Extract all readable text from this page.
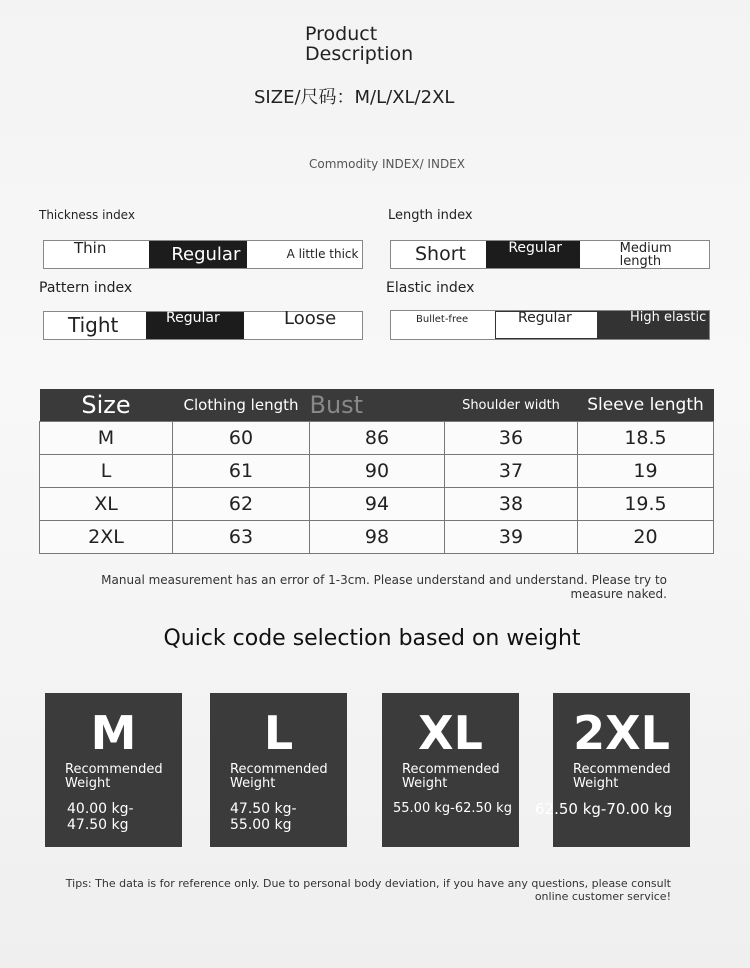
Product
Description
SIZE/尺码：M/L/XL/2XL
Commodity INDEX/ INDEX
Thickness index
Thin	Regular	A little thick
Length index
Short	Regular	Medium length
Pattern index
Tight	Regular	Loose
Elastic index
Bullet-free	Regular	High elastic
Size	Clothing length	Bust	Shoulder width	Sleeve length
M	60	86	36	18.5
L	61	90	37	19
XL	62	94	38	19.5
2XL	63	98	39	20
Manual measurement has an error of 1-3cm. Please understand and understand. Please try to measure naked.
Quick code selection based on weight
M
Recommended Weight
40.00 kg-47.50 kg
L
Recommended Weight
47.50 kg-55.00 kg
XL
Recommended Weight
55.00 kg-62.50 kg
2XL
Recommended Weight
62.50 kg-70.00 kg
Tips: The data is for reference only. Due to personal body deviation, if you have any questions, please consult online customer service!
